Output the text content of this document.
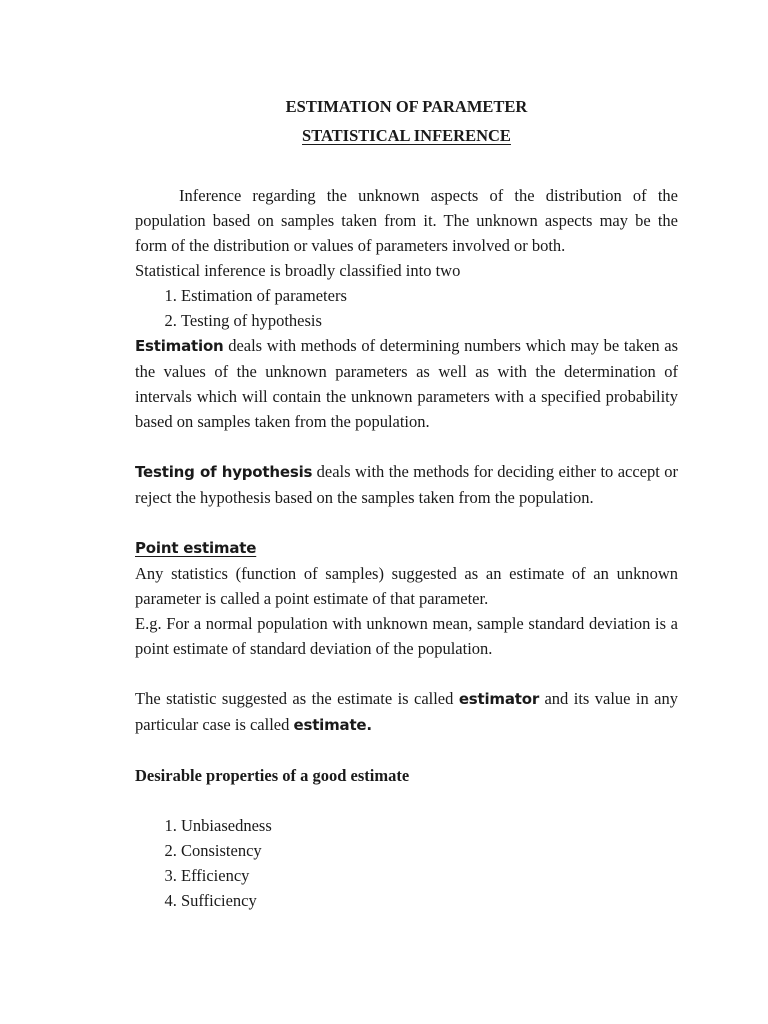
ESTIMATION OF PARAMETER
STATISTICAL INFERENCE

Inference regarding the unknown aspects of the distribution of the population based on samples taken from it. The unknown aspects may be the form of the distribution or values of parameters involved or both.

Statistical inference is broadly classified into two

1. Estimation of parameters
2. Testing of hypothesis

Estimation deals with methods of determining numbers which may be taken as the values of the unknown parameters as well as with the determination of intervals which will contain the unknown parameters with a specified probability based on samples taken from the population.

Testing of hypothesis deals with the methods for deciding either to accept or reject the hypothesis based on the samples taken from the population.

Point estimate

Any statistics (function of samples) suggested as an estimate of an unknown parameter is called a point estimate of that parameter.

E.g. For a normal population with unknown mean, sample standard deviation is a point estimate of standard deviation of the population.

The statistic suggested as the estimate is called estimator and its value in any particular case is called estimate.

Desirable properties of a good estimate

1. Unbiasedness
2. Consistency
3. Efficiency
4. Sufficiency
